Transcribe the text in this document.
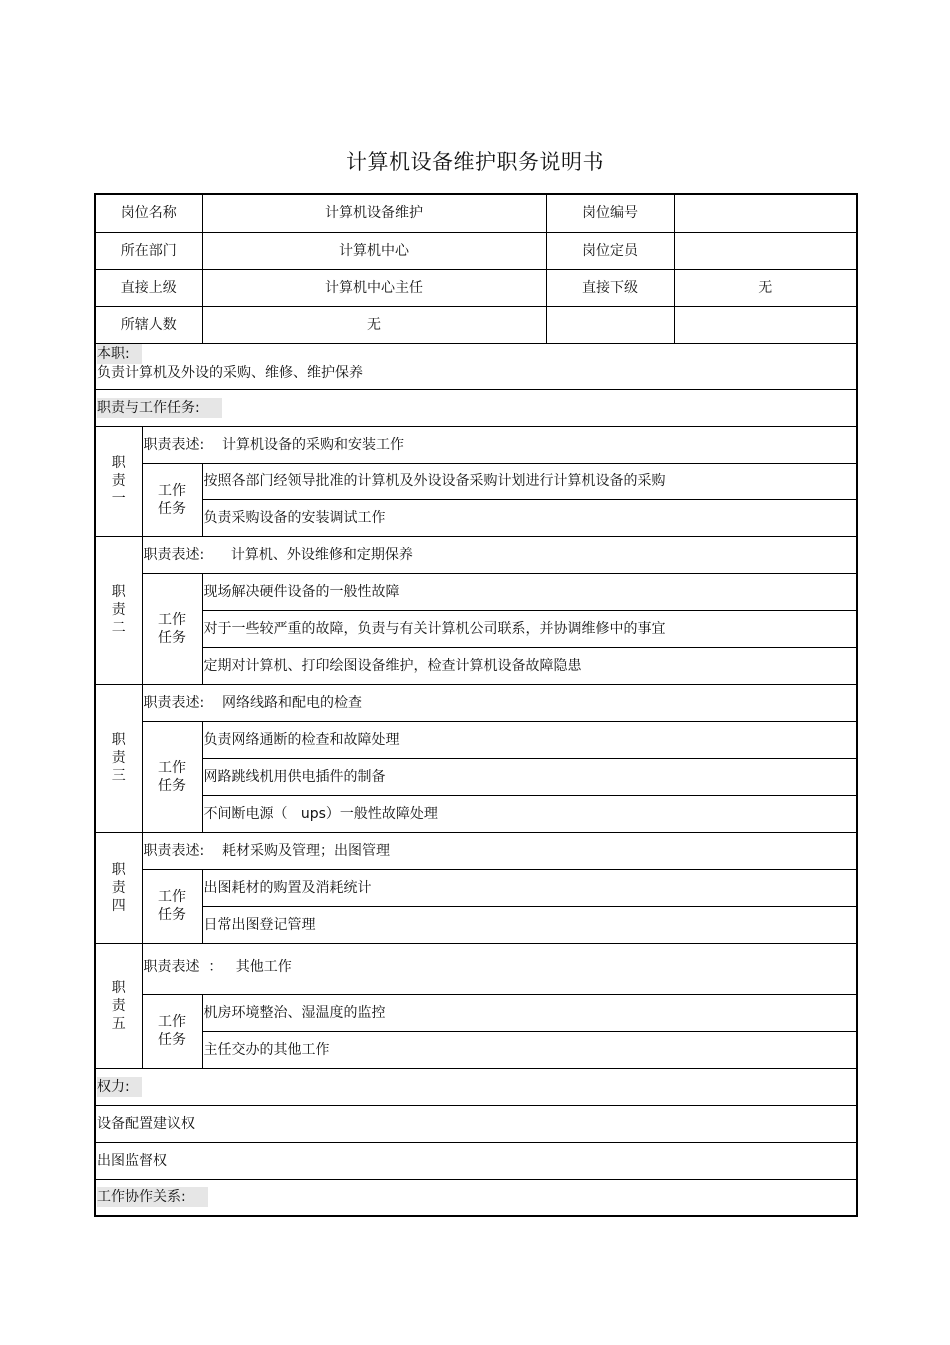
计算机设备维护职务说明书
岗位名称		计算机设备维护	岗位编号	
所在部门		计算机中心	岗位定员	
直接上级		计算机中心主任	直接下级	无
所辖人数		无		

本职:
负责计算机及外设的采购、维修、维护保养				

职责与工作任务:				
职
责
一	职责表述:    计算机设备的采购和安装工作			
	工作
任务	按照各部门经领导批准的计算机及外设设备采购计划进行计算机设备的采购		
		负责采购设备的安装调试工作		
职
责
二	职责表述:      计算机、外设维修和定期保养			
	工作
任务	现场解决硬件设备的一般性故障		
		对于一些较严重的故障，负责与有关计算机公司联系，并协调维修中的事宜		
		定期对计算机、打印绘图设备维护，检查计算机设备故障隐患		
职
责
三	职责表述:    网络线路和配电的检查			
	工作
任务	负责网络通断的检查和故障处理		
		网路跳线机用供电插件的制备		
		不间断电源（   ups）一般性故障处理		
职
责
四	职责表述:    耗材采购及管理；出图管理			
	工作
任务	出图耗材的购置及消耗统计		
		日常出图登记管理		
职
责
五	职责表述  ：   其他工作			
	工作
任务	机房环境整治、湿温度的监控		
		主任交办的其他工作		
权力:				
设备配置建议权				
出图监督权				
工作协作关系:				
